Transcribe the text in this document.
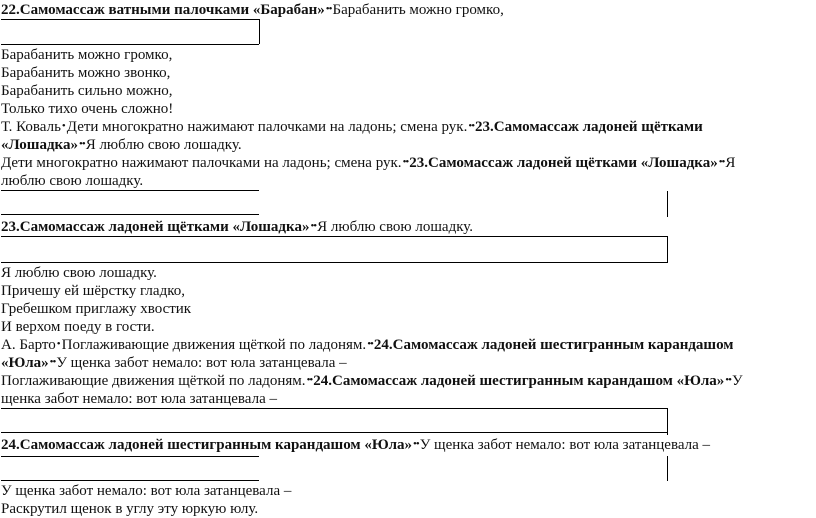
22.Самомассаж ватными палочками «Барабан»••Барабанить можно громко,
Барабанить можно громко,
Барабанить можно звонко,
Барабанить сильно можно,
Только тихо очень сложно!
Т. Коваль•Дети многократно нажимают палочками на ладонь; смена рук.••23.Самомассаж ладоней щётками
«Лошадка»••Я люблю свою лошадку.
Дети многократно нажимают палочками на ладонь; смена рук.••23.Самомассаж ладоней щётками «Лошадка»••Я
люблю свою лошадку.
23.Самомассаж ладоней щётками «Лошадка»••Я люблю свою лошадку.
Я люблю свою лошадку.
Причешу ей шёрстку гладко,
Гребешком приглажу хвостик
И верхом поеду в гости.
А. Барто•Поглаживающие движения щёткой по ладоням.••24.Самомассаж ладоней шестигранным карандашом
«Юла»••У щенка забот немало: вот юла затанцевала –
Поглаживающие движения щёткой по ладоням.••24.Самомассаж ладоней шестигранным карандашом «Юла»••У
щенка забот немало: вот юла затанцевала –
24.Самомассаж ладоней шестигранным карандашом «Юла»••У щенка забот немало: вот юла затанцевала –
У щенка забот немало: вот юла затанцевала –
Раскрутил щенок в углу эту юркую юлу.
